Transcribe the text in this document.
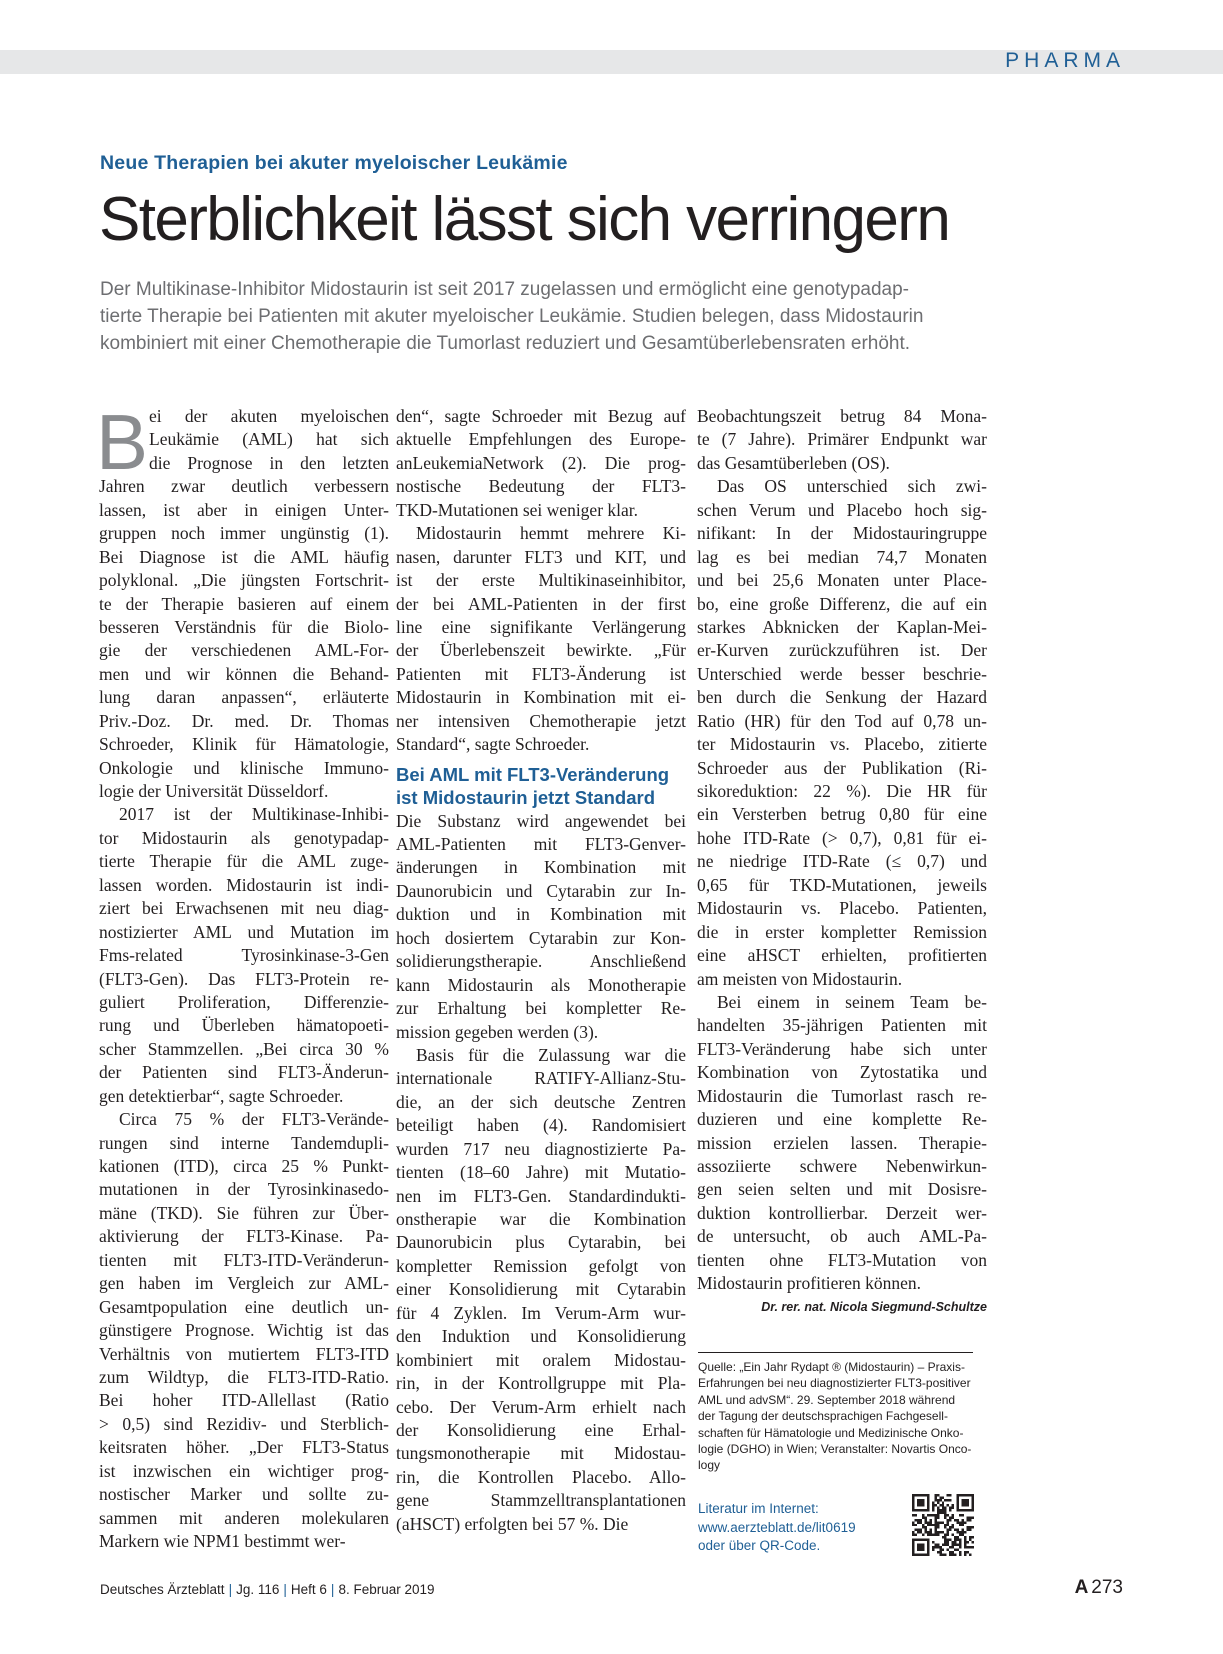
PHARMA
Neue Therapien bei akuter myeloischer Leukämie
Sterblichkeit lässt sich verringern
Der Multikinase-Inhibitor Midostaurin ist seit 2017 zugelassen und ermöglicht eine genotypadap-
tierte Therapie bei Patienten mit akuter myeloischer Leukämie. Studien belegen, dass Midostaurin
kombiniert mit einer Chemotherapie die Tumorlast reduziert und Gesamtüberlebensraten erhöht.
B ei der akuten myeloischen
Leukämie (AML) hat sich
die Prognose in den letzten
Jahren zwar deutlich verbessern
lassen, ist aber in einigen Unter-
gruppen noch immer ungünstig (1).
Bei Diagnose ist die AML häufig
polyklonal. „Die jüngsten Fortschrit-
te der Therapie basieren auf einem
besseren Verständnis für die Biolo-
gie der verschiedenen AML-For-
men und wir können die Behand-
lung daran anpassen“, erläuterte
Priv.-Doz. Dr. med. Dr. Thomas
Schroeder, Klinik für Hämatologie,
Onkologie und klinische Immuno-
logie der Universität Düsseldorf.
2017 ist der Multikinase-Inhibi-
tor Midostaurin als genotypadap-
tierte Therapie für die AML zuge-
lassen worden. Midostaurin ist indi-
ziert bei Erwachsenen mit neu diag-
nostizierter AML und Mutation im
Fms-related Tyrosinkinase-3-Gen
(FLT3-Gen). Das FLT3-Protein re-
guliert Proliferation, Differenzie-
rung und Überleben hämatopoeti-
scher Stammzellen. „Bei circa 30 %
der Patienten sind FLT3-Änderun-
gen detektierbar“, sagte Schroeder.
Circa 75 % der FLT3-Verände-
rungen sind interne Tandemdupli-
kationen (ITD), circa 25 % Punkt-
mutationen in der Tyrosinkinasedo-
mäne (TKD). Sie führen zur Über-
aktivierung der FLT3-Kinase. Pa-
tienten mit FLT3-ITD-Veränderun-
gen haben im Vergleich zur AML-
Gesamtpopulation eine deutlich un-
günstigere Prognose. Wichtig ist das
Verhältnis von mutiertem FLT3-ITD
zum Wildtyp, die FLT3-ITD-Ratio.
Bei hoher ITD-Allellast (Ratio
> 0,5) sind Rezidiv- und Sterblich-
keitsraten höher. „Der FLT3-Status
ist inzwischen ein wichtiger prog-
nostischer Marker und sollte zu-
sammen mit anderen molekularen
Markern wie NPM1 bestimmt wer-
den“, sagte Schroeder mit Bezug auf
aktuelle Empfehlungen des Europe-
anLeukemiaNetwork (2). Die prog-
nostische Bedeutung der FLT3-
TKD-Mutationen sei weniger klar.
Midostaurin hemmt mehrere Ki-
nasen, darunter FLT3 und KIT, und
ist der erste Multikinaseinhibitor,
der bei AML-Patienten in der first
line eine signifikante Verlängerung
der Überlebenszeit bewirkte. „Für
Patienten mit FLT3-Änderung ist
Midostaurin in Kombination mit ei-
ner intensiven Chemotherapie jetzt
Standard“, sagte Schroeder.
Bei AML mit FLT3-Veränderung
ist Midostaurin jetzt Standard
Die Substanz wird angewendet bei
AML-Patienten mit FLT3-Genver-
änderungen in Kombination mit
Daunorubicin und Cytarabin zur In-
duktion und in Kombination mit
hoch dosiertem Cytarabin zur Kon-
solidierungstherapie. Anschließend
kann Midostaurin als Monotherapie
zur Erhaltung bei kompletter Re-
mission gegeben werden (3).
Basis für die Zulassung war die
internationale RATIFY-Allianz-Stu-
die, an der sich deutsche Zentren
beteiligt haben (4). Randomisiert
wurden 717 neu diagnostizierte Pa-
tienten (18–60 Jahre) mit Mutatio-
nen im FLT3-Gen. Standardindukti-
onstherapie war die Kombination
Daunorubicin plus Cytarabin, bei
kompletter Remission gefolgt von
einer Konsolidierung mit Cytarabin
für 4 Zyklen. Im Verum-Arm wur-
den Induktion und Konsolidierung
kombiniert mit oralem Midostau-
rin, in der Kontrollgruppe mit Pla-
cebo. Der Verum-Arm erhielt nach
der Konsolidierung eine Erhal-
tungsmonotherapie mit Midostau-
rin, die Kontrollen Placebo. Allo-
gene Stammzelltransplantationen
(aHSCT) erfolgten bei 57 %. Die
Beobachtungszeit betrug 84 Mona-
te (7 Jahre). Primärer Endpunkt war
das Gesamtüberleben (OS).
Das OS unterschied sich zwi-
schen Verum und Placebo hoch sig-
nifikant: In der Midostauringruppe
lag es bei median 74,7 Monaten
und bei 25,6 Monaten unter Place-
bo, eine große Differenz, die auf ein
starkes Abknicken der Kaplan-Mei-
er-Kurven zurückzuführen ist. Der
Unterschied werde besser beschrie-
ben durch die Senkung der Hazard
Ratio (HR) für den Tod auf 0,78 un-
ter Midostaurin vs. Placebo, zitierte
Schroeder aus der Publikation (Ri-
sikoreduktion: 22 %). Die HR für
ein Versterben betrug 0,80 für eine
hohe ITD-Rate (> 0,7), 0,81 für ei-
ne niedrige ITD-Rate (≤ 0,7) und
0,65 für TKD-Mutationen, jeweils
Midostaurin vs. Placebo. Patienten,
die in erster kompletter Remission
eine aHSCT erhielten, profitierten
am meisten von Midostaurin.
Bei einem in seinem Team be-
handelten 35-jährigen Patienten mit
FLT3-Veränderung habe sich unter
Kombination von Zytostatika und
Midostaurin die Tumorlast rasch re-
duzieren und eine komplette Re-
mission erzielen lassen. Therapie-
assoziierte schwere Nebenwirkun-
gen seien selten und mit Dosisre-
duktion kontrollierbar. Derzeit wer-
de untersucht, ob auch AML-Pa-
tienten ohne FLT3-Mutation von
Midostaurin profitieren können.
Dr. rer. nat. Nicola Siegmund-Schultze
Quelle: „Ein Jahr Rydapt ® (Midostaurin) – Praxis-
Erfahrungen bei neu diagnostizierter FLT3-positiver
AML und advSM“. 29. September 2018 während
der Tagung der deutschsprachigen Fachgesell-
schaften für Hämatologie und Medizinische Onko-
logie (DGHO) in Wien; Veranstalter: Novartis Onco-
logy
Literatur im Internet:
www.aerzteblatt.de/lit0619
oder über QR-Code.
Deutsches Ärzteblatt | Jg. 116 | Heft 6 | 8. Februar 2019	A 273
